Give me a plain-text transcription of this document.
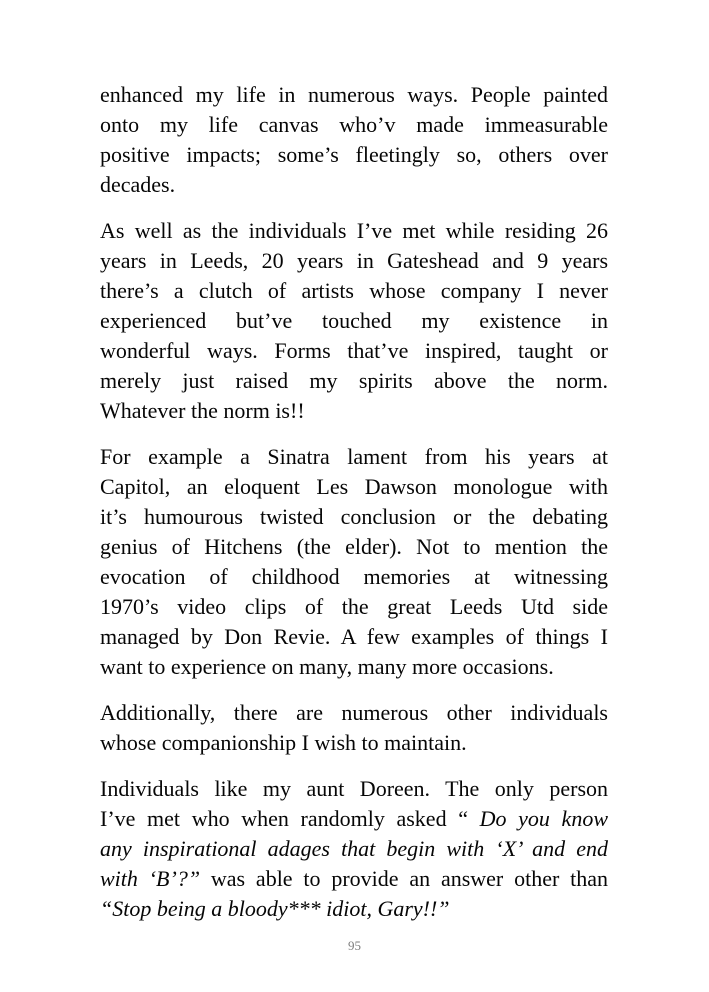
enhanced my life in numerous ways. People painted
onto my life canvas who’v made immeasurable
positive impacts; some’s fleetingly so, others over
decades.
As well as the individuals I’ve met while residing 26
years in Leeds, 20 years in Gateshead and 9 years
there’s a clutch of artists whose company I never
experienced but’ve touched my existence in
wonderful ways. Forms that’ve inspired, taught or
merely just raised my spirits above the norm.
Whatever the norm is!!
For example a Sinatra lament from his years at
Capitol, an eloquent Les Dawson monologue with
it’s humourous twisted conclusion or the debating
genius of Hitchens (the elder). Not to mention the
evocation of childhood memories at witnessing
1970’s video clips of the great Leeds Utd side
managed by Don Revie. A few examples of things I
want to experience on many, many more occasions.
Additionally, there are numerous other individuals
whose companionship I wish to maintain.
Individuals like my aunt Doreen. The only person
I’ve met who when randomly asked “ Do you know
any inspirational adages that begin with ‘X’ and end
with ‘B’?” was able to provide an answer other than
“Stop being a bloody*** idiot, Gary!!”
95
